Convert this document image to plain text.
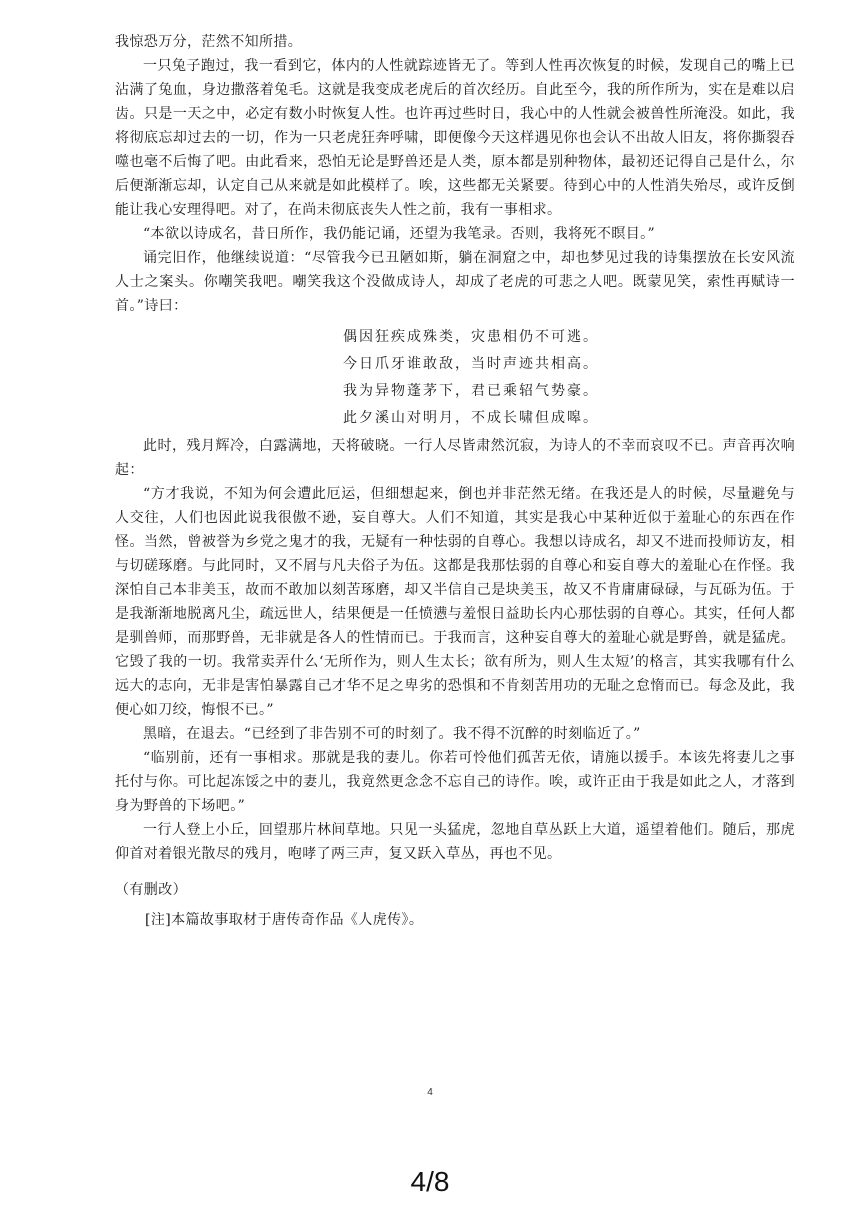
我惊恐万分，茫然不知所措。

一只兔子跑过，我一看到它，体内的人性就踪迹皆无了。等到人性再次恢复的时候，发现自己的嘴上已沾满了兔血，身边撒落着兔毛。这就是我变成老虎后的首次经历。自此至今，我的所作所为，实在是难以启齿。只是一天之中，必定有数小时恢复人性。也许再过些时日，我心中的人性就会被兽性所淹没。如此，我将彻底忘却过去的一切，作为一只老虎狂奔呼啸，即便像今天这样遇见你也会认不出故人旧友，将你撕裂吞噬也毫不后悔了吧。由此看来，恐怕无论是野兽还是人类，原本都是别种物体，最初还记得自己是什么，尔后便渐渐忘却，认定自己从来就是如此模样了。唉，这些都无关紧要。待到心中的人性消失殆尽，或许反倒能让我心安理得吧。对了，在尚未彻底丧失人性之前，我有一事相求。

“本欲以诗成名，昔日所作，我仍能记诵，还望为我笔录。否则，我将死不瞑目。”

诵完旧作，他继续说道：“尽管我今已丑陋如斯，躺在洞窟之中，却也梦见过我的诗集摆放在长安风流人士之案头。你嘲笑我吧。嘲笑我这个没做成诗人，却成了老虎的可悲之人吧。既蒙见笑，索性再赋诗一首。”诗曰：

偶因狂疾成殊类，灾患相仍不可逃。
今日爪牙谁敢敌，当时声迹共相高。
我为异物蓬茅下，君已乘轺气势豪。
此夕溪山对明月，不成长啸但成嗥。

此时，残月辉冷，白露满地，天将破晓。一行人尽皆肃然沉寂，为诗人的不幸而哀叹不已。声音再次响起：

“方才我说，不知为何会遭此厄运，但细想起来，倒也并非茫然无绪。在我还是人的时候，尽量避免与人交往，人们也因此说我很傲不逊，妄自尊大。人们不知道，其实是我心中某种近似于羞耻心的东西在作怪。当然，曾被誉为乡党之鬼才的我，无疑有一种怯弱的自尊心。我想以诗成名，却又不进而投师访友，相与切磋琢磨。与此同时，又不屑与凡夫俗子为伍。这都是我那怯弱的自尊心和妄自尊大的羞耻心在作怪。我深怕自己本非美玉，故而不敢加以刻苦琢磨，却又半信自己是块美玉，故又不肯庸庸碌碌，与瓦砾为伍。于是我渐渐地脱离凡尘，疏远世人，结果便是一任愤懑与羞恨日益助长内心那怯弱的自尊心。其实，任何人都是驯兽师，而那野兽，无非就是各人的性情而已。于我而言，这种妄自尊大的羞耻心就是野兽，就是猛虎。它毁了我的一切。我常卖弄什么‘无所作为，则人生太长；欲有所为，则人生太短’的格言，其实我哪有什么远大的志向，无非是害怕暴露自己才华不足之卑劣的恐惧和不肯刻苦用功的无耻之怠惰而已。每念及此，我便心如刀绞，悔恨不已。”

黑暗，在退去。“已经到了非告别不可的时刻了。我不得不沉醉的时刻临近了。”

“临别前，还有一事相求。那就是我的妻儿。你若可怜他们孤苦无依，请施以援手。本该先将妻儿之事托付与你。可比起冻馁之中的妻儿，我竟然更念念不忘自己的诗作。唉，或许正由于我是如此之人，才落到身为野兽的下场吧。”

一行人登上小丘，回望那片林间草地。只见一头猛虎，忽地自草丛跃上大道，遥望着他们。随后，那虎仰首对着银光散尽的残月，咆哮了两三声，复又跃入草丛，再也不见。

（有删改）

[注]本篇故事取材于唐传奇作品《人虎传》。

4
4/8
